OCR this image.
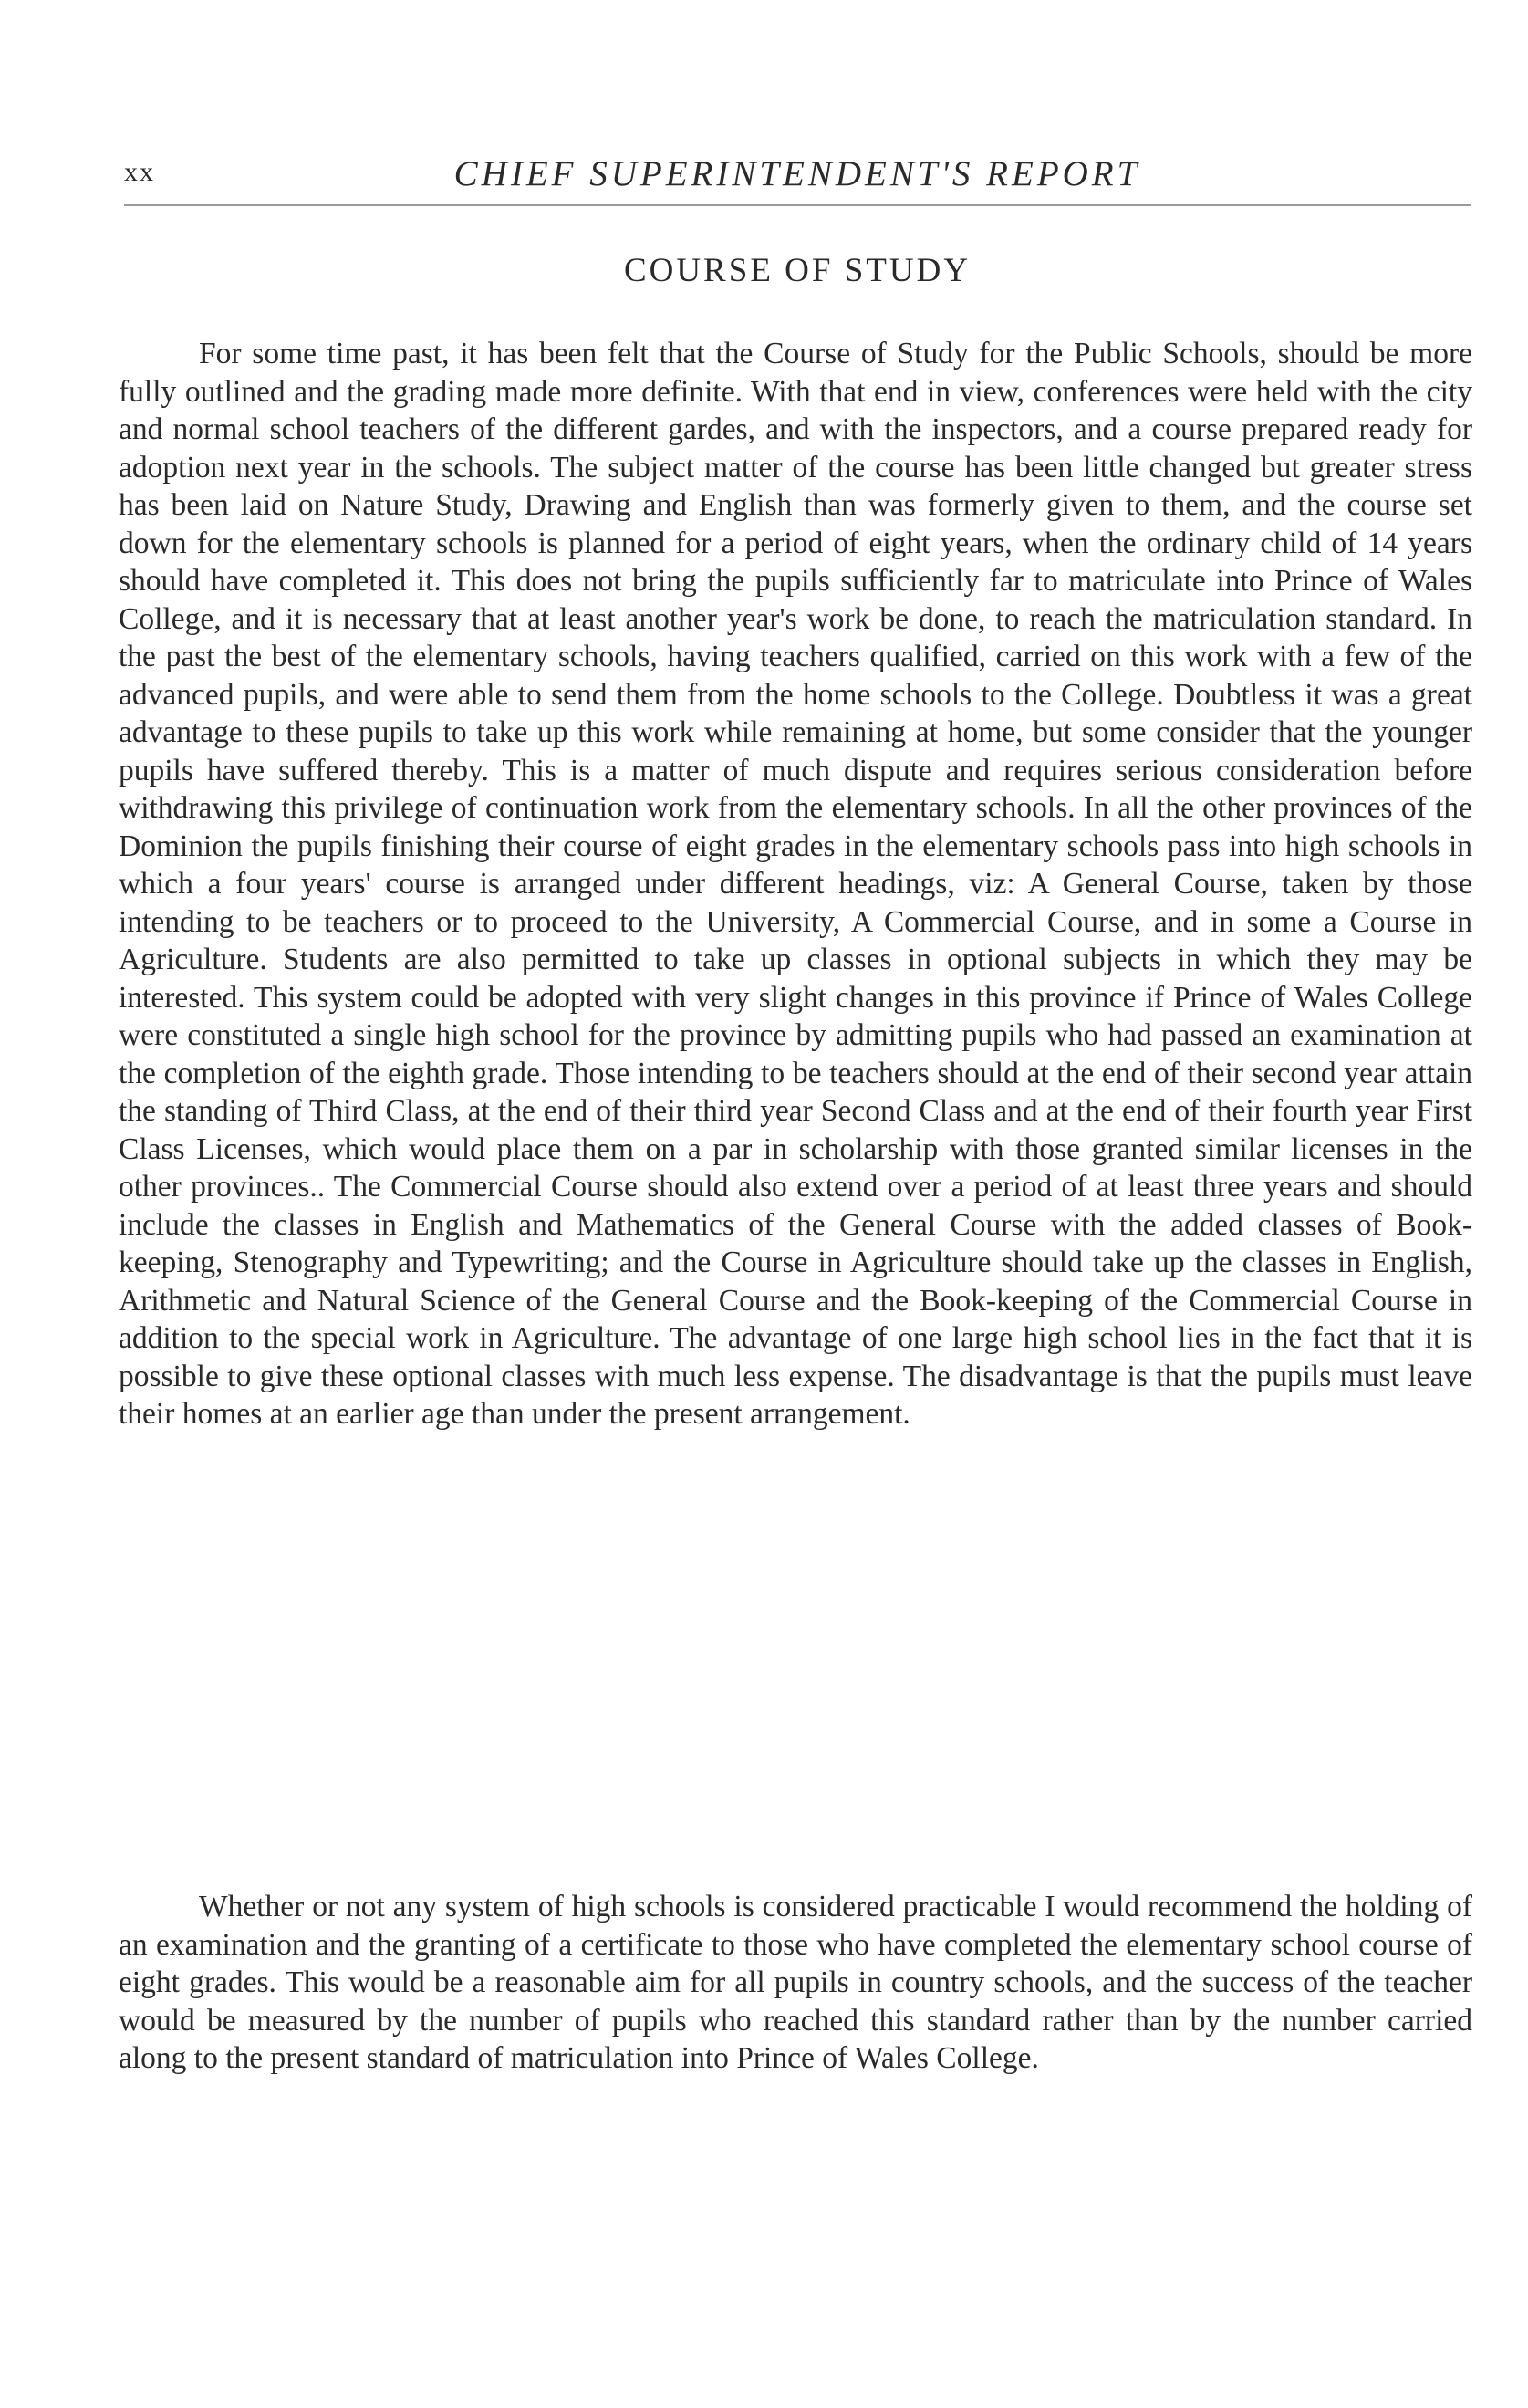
xx	CHIEF SUPERINTENDENT'S REPORT
COURSE OF STUDY

For some time past, it has been felt that the Course of Study for the Public Schools, should be more fully outlined and the grading made more definite. With that end in view, conferences were held with the city and normal school teachers of the different gardes, and with the inspectors, and a course prepared ready for adoption next year in the schools. The subject matter of the course has been little changed but greater stress has been laid on Nature Study, Drawing and English than was formerly given to them, and the course set down for the elementary schools is planned for a period of eight years, when the ordinary child of 14 years should have completed it. This does not bring the pupils sufficiently far to matriculate into Prince of Wales College, and it is necessary that at least another year's work be done, to reach the matriculation standard. In the past the best of the elementary schools, having teachers qualified, carried on this work with a few of the advanced pupils, and were able to send them from the home schools to the College. Doubtless it was a great advantage to these pupils to take up this work while remaining at home, but some consider that the younger pupils have suffered thereby. This is a matter of much dispute and requires serious consideration before withdrawing this privilege of continuation work from the elementary schools. In all the other provinces of the Dominion the pupils finishing their course of eight grades in the elementary schools pass into high schools in which a four years' course is arranged under different headings, viz: A General Course, taken by those intending to be teachers or to proceed to the University, A Commercial Course, and in some a Course in Agriculture. Students are also permitted to take up classes in optional subjects in which they may be interested. This system could be adopted with very slight changes in this province if Prince of Wales College were constituted a single high school for the province by admitting pupils who had passed an examination at the completion of the eighth grade. Those intending to be teachers should at the end of their second year attain the standing of Third Class, at the end of their third year Second Class and at the end of their fourth year First Class Licenses, which would place them on a par in scholarship with those granted similar licenses in the other provinces.. The Commercial Course should also extend over a period of at least three years and should include the classes in English and Mathematics of the General Course with the added classes of Book-keeping, Stenography and Typewriting; and the Course in Agriculture should take up the classes in English, Arithmetic and Natural Science of the General Course and the Book-keeping of the Commercial Course in addition to the special work in Agriculture. The advantage of one large high school lies in the fact that it is possible to give these optional classes with much less expense. The disadvantage is that the pupils must leave their homes at an earlier age than under the present arrangement.

Whether or not any system of high schools is considered practicable I would recommend the holding of an examination and the granting of a certificate to those who have completed the elementary school course of eight grades. This would be a reasonable aim for all pupils in country schools, and the success of the teacher would be measured by the number of pupils who reached this standard rather than by the number carried along to the present standard of matriculation into Prince of Wales College.
